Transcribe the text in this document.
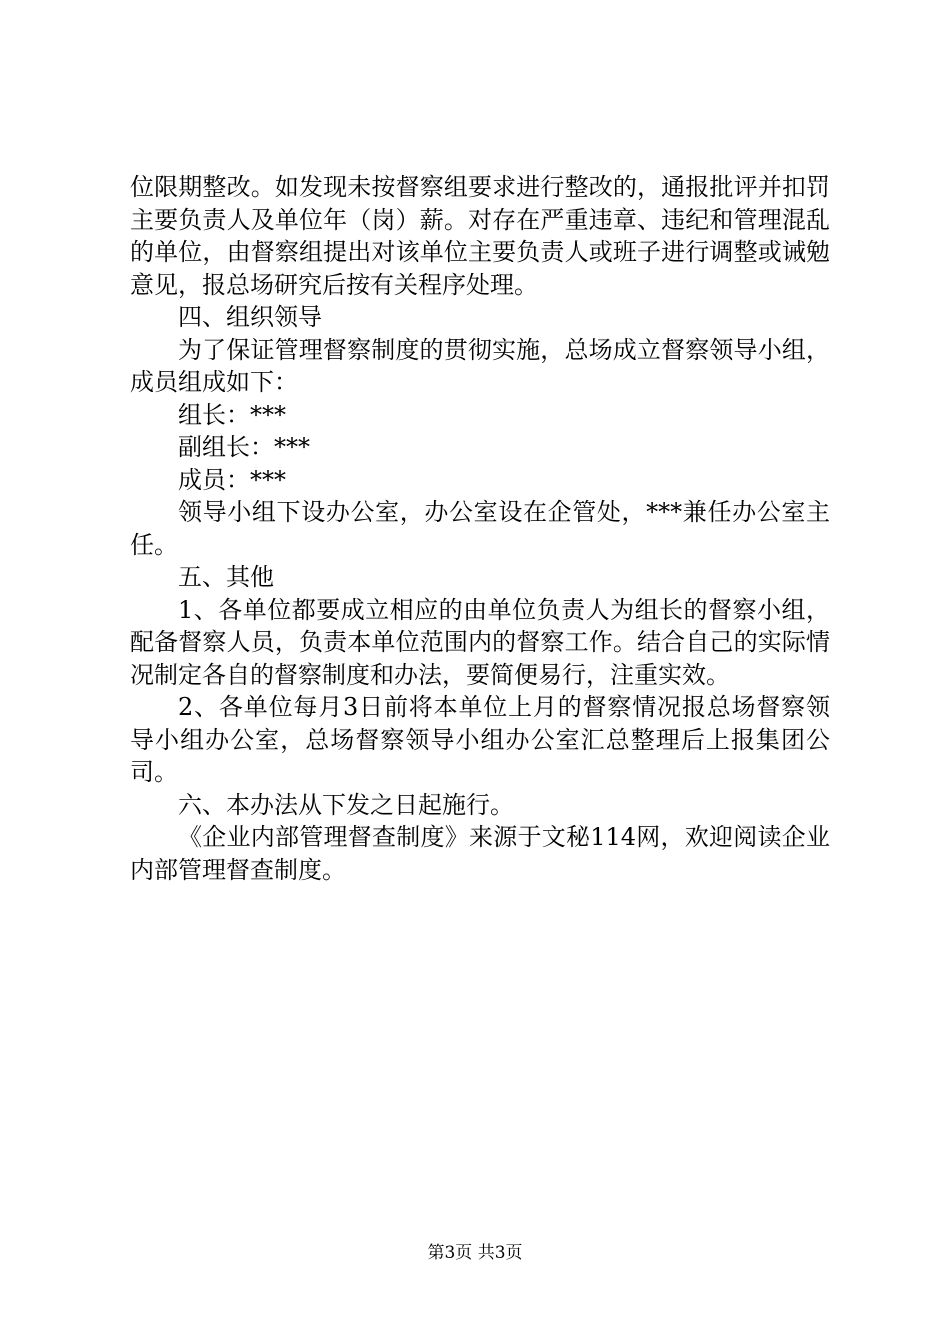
位限期整改。如发现未按督察组要求进行整改的，通报批评并扣罚主要负责人及单位年（岗）薪。对存在严重违章、违纪和管理混乱的单位，由督察组提出对该单位主要负责人或班子进行调整或诫勉意见，报总场研究后按有关程序处理。

四、组织领导

为了保证管理督察制度的贯彻实施，总场成立督察领导小组，成员组成如下：

组长：***

副组长：***

成员：***

领导小组下设办公室，办公室设在企管处，***兼任办公室主任。

五、其他

1、各单位都要成立相应的由单位负责人为组长的督察小组，配备督察人员，负责本单位范围内的督察工作。结合自己的实际情况制定各自的督察制度和办法，要简便易行，注重实效。

2、各单位每月3日前将本单位上月的督察情况报总场督察领导小组办公室，总场督察领导小组办公室汇总整理后上报集团公司。

六、本办法从下发之日起施行。

《企业内部管理督查制度》来源于文秘114网，欢迎阅读企业内部管理督查制度。

第3页 共3页
